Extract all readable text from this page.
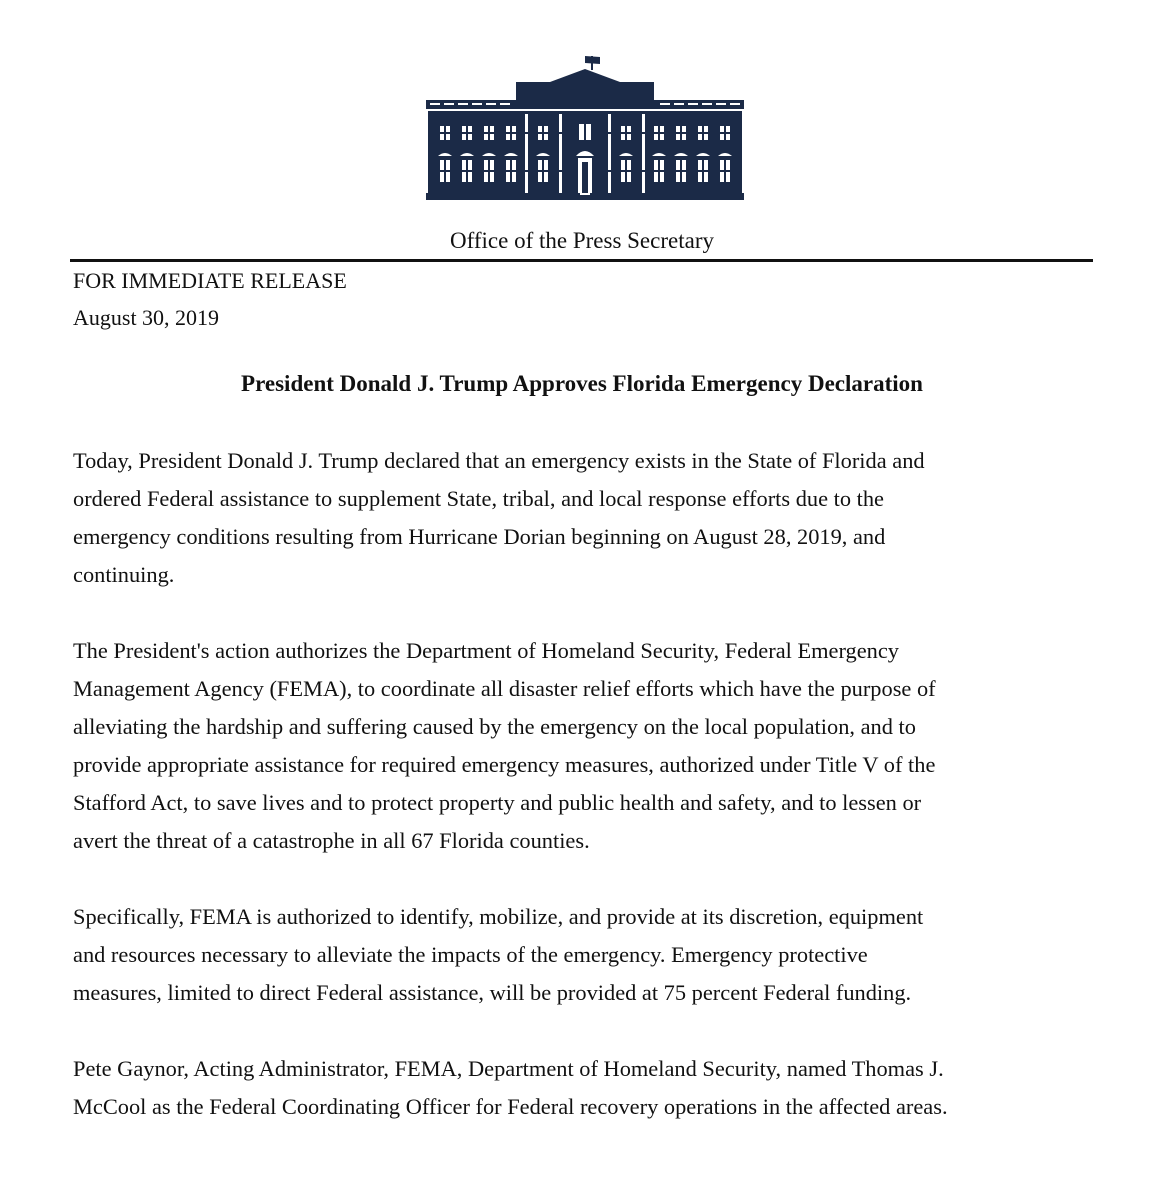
Office of the Press Secretary
FOR IMMEDIATE RELEASE
August 30, 2019
President Donald J. Trump Approves Florida Emergency Declaration

Today, President Donald J. Trump declared that an emergency exists in the State of Florida and
ordered Federal assistance to supplement State, tribal, and local response efforts due to the
emergency conditions resulting from Hurricane Dorian beginning on August 28, 2019, and
continuing.

The President's action authorizes the Department of Homeland Security, Federal Emergency
Management Agency (FEMA), to coordinate all disaster relief efforts which have the purpose of
alleviating the hardship and suffering caused by the emergency on the local population, and to
provide appropriate assistance for required emergency measures, authorized under Title V of the
Stafford Act, to save lives and to protect property and public health and safety, and to lessen or
avert the threat of a catastrophe in all 67 Florida counties.

Specifically, FEMA is authorized to identify, mobilize, and provide at its discretion, equipment
and resources necessary to alleviate the impacts of the emergency. Emergency protective
measures, limited to direct Federal assistance, will be provided at 75 percent Federal funding.

Pete Gaynor, Acting Administrator, FEMA, Department of Homeland Security, named Thomas J.
McCool as the Federal Coordinating Officer for Federal recovery operations in the affected areas.
